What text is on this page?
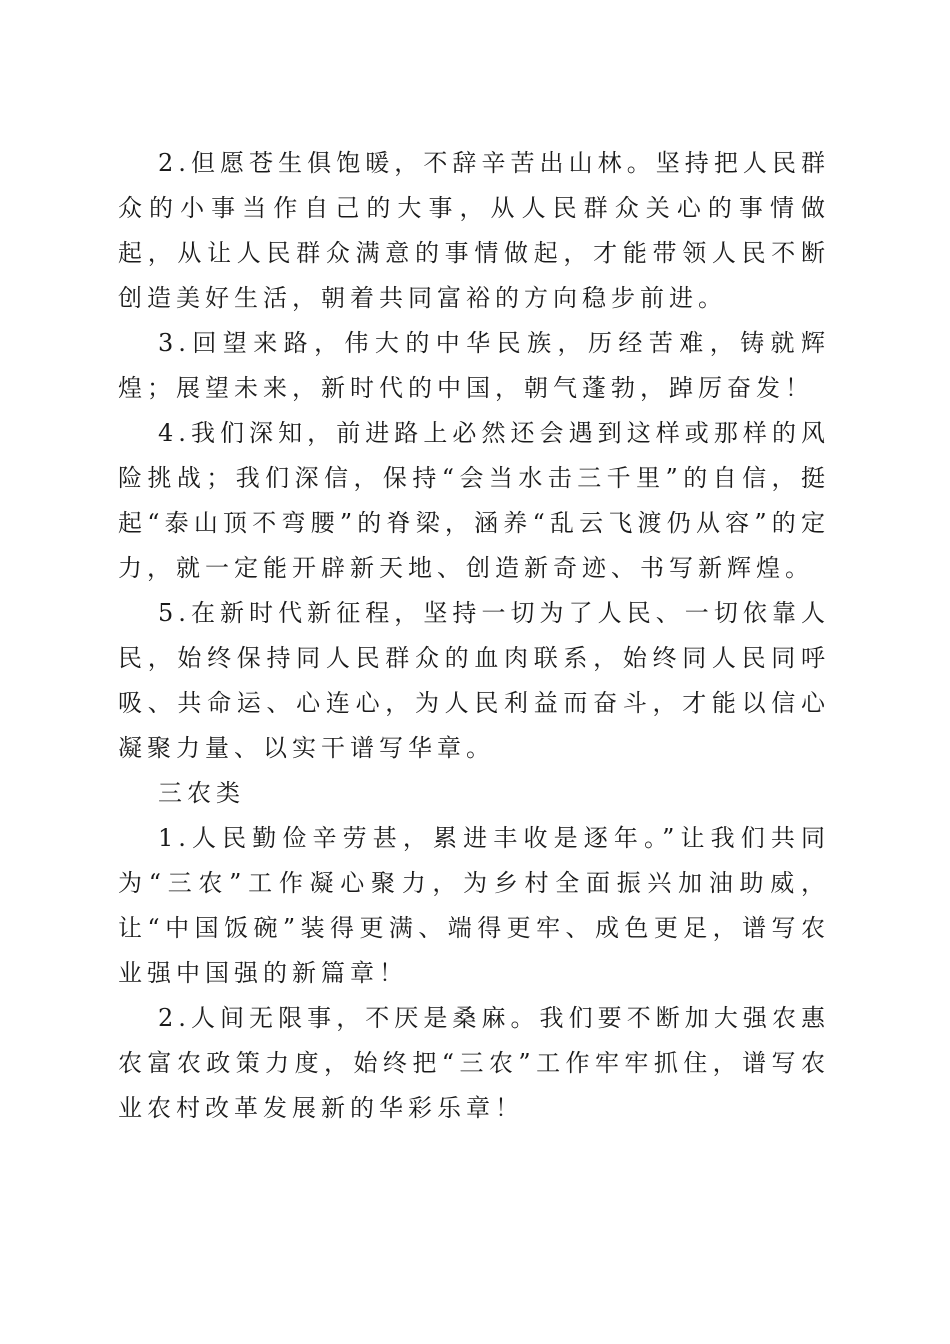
2.但愿苍生俱饱暖，不辞辛苦出山林。坚持把人民群众的小事当作自己的大事，从人民群众关心的事情做起，从让人民群众满意的事情做起，才能带领人民不断创造美好生活，朝着共同富裕的方向稳步前进。

3.回望来路，伟大的中华民族，历经苦难，铸就辉煌；展望未来，新时代的中国，朝气蓬勃，踔厉奋发！

4.我们深知，前进路上必然还会遇到这样或那样的风险挑战；我们深信，保持“会当水击三千里”的自信，挺起“泰山顶不弯腰”的脊梁，涵养“乱云飞渡仍从容”的定力，就一定能开辟新天地、创造新奇迹、书写新辉煌。

5.在新时代新征程，坚持一切为了人民、一切依靠人民，始终保持同人民群众的血肉联系，始终同人民同呼吸、共命运、心连心，为人民利益而奋斗，才能以信心凝聚力量、以实干谱写华章。

三农类

1.人民勤俭辛劳甚，累进丰收是逐年。”让我们共同为“三农”工作凝心聚力，为乡村全面振兴加油助威，让“中国饭碗”装得更满、端得更牢、成色更足，谱写农业强中国强的新篇章！

2.人间无限事，不厌是桑麻。我们要不断加大强农惠农富农政策力度，始终把“三农”工作牢牢抓住，谱写农业农村改革发展新的华彩乐章！
